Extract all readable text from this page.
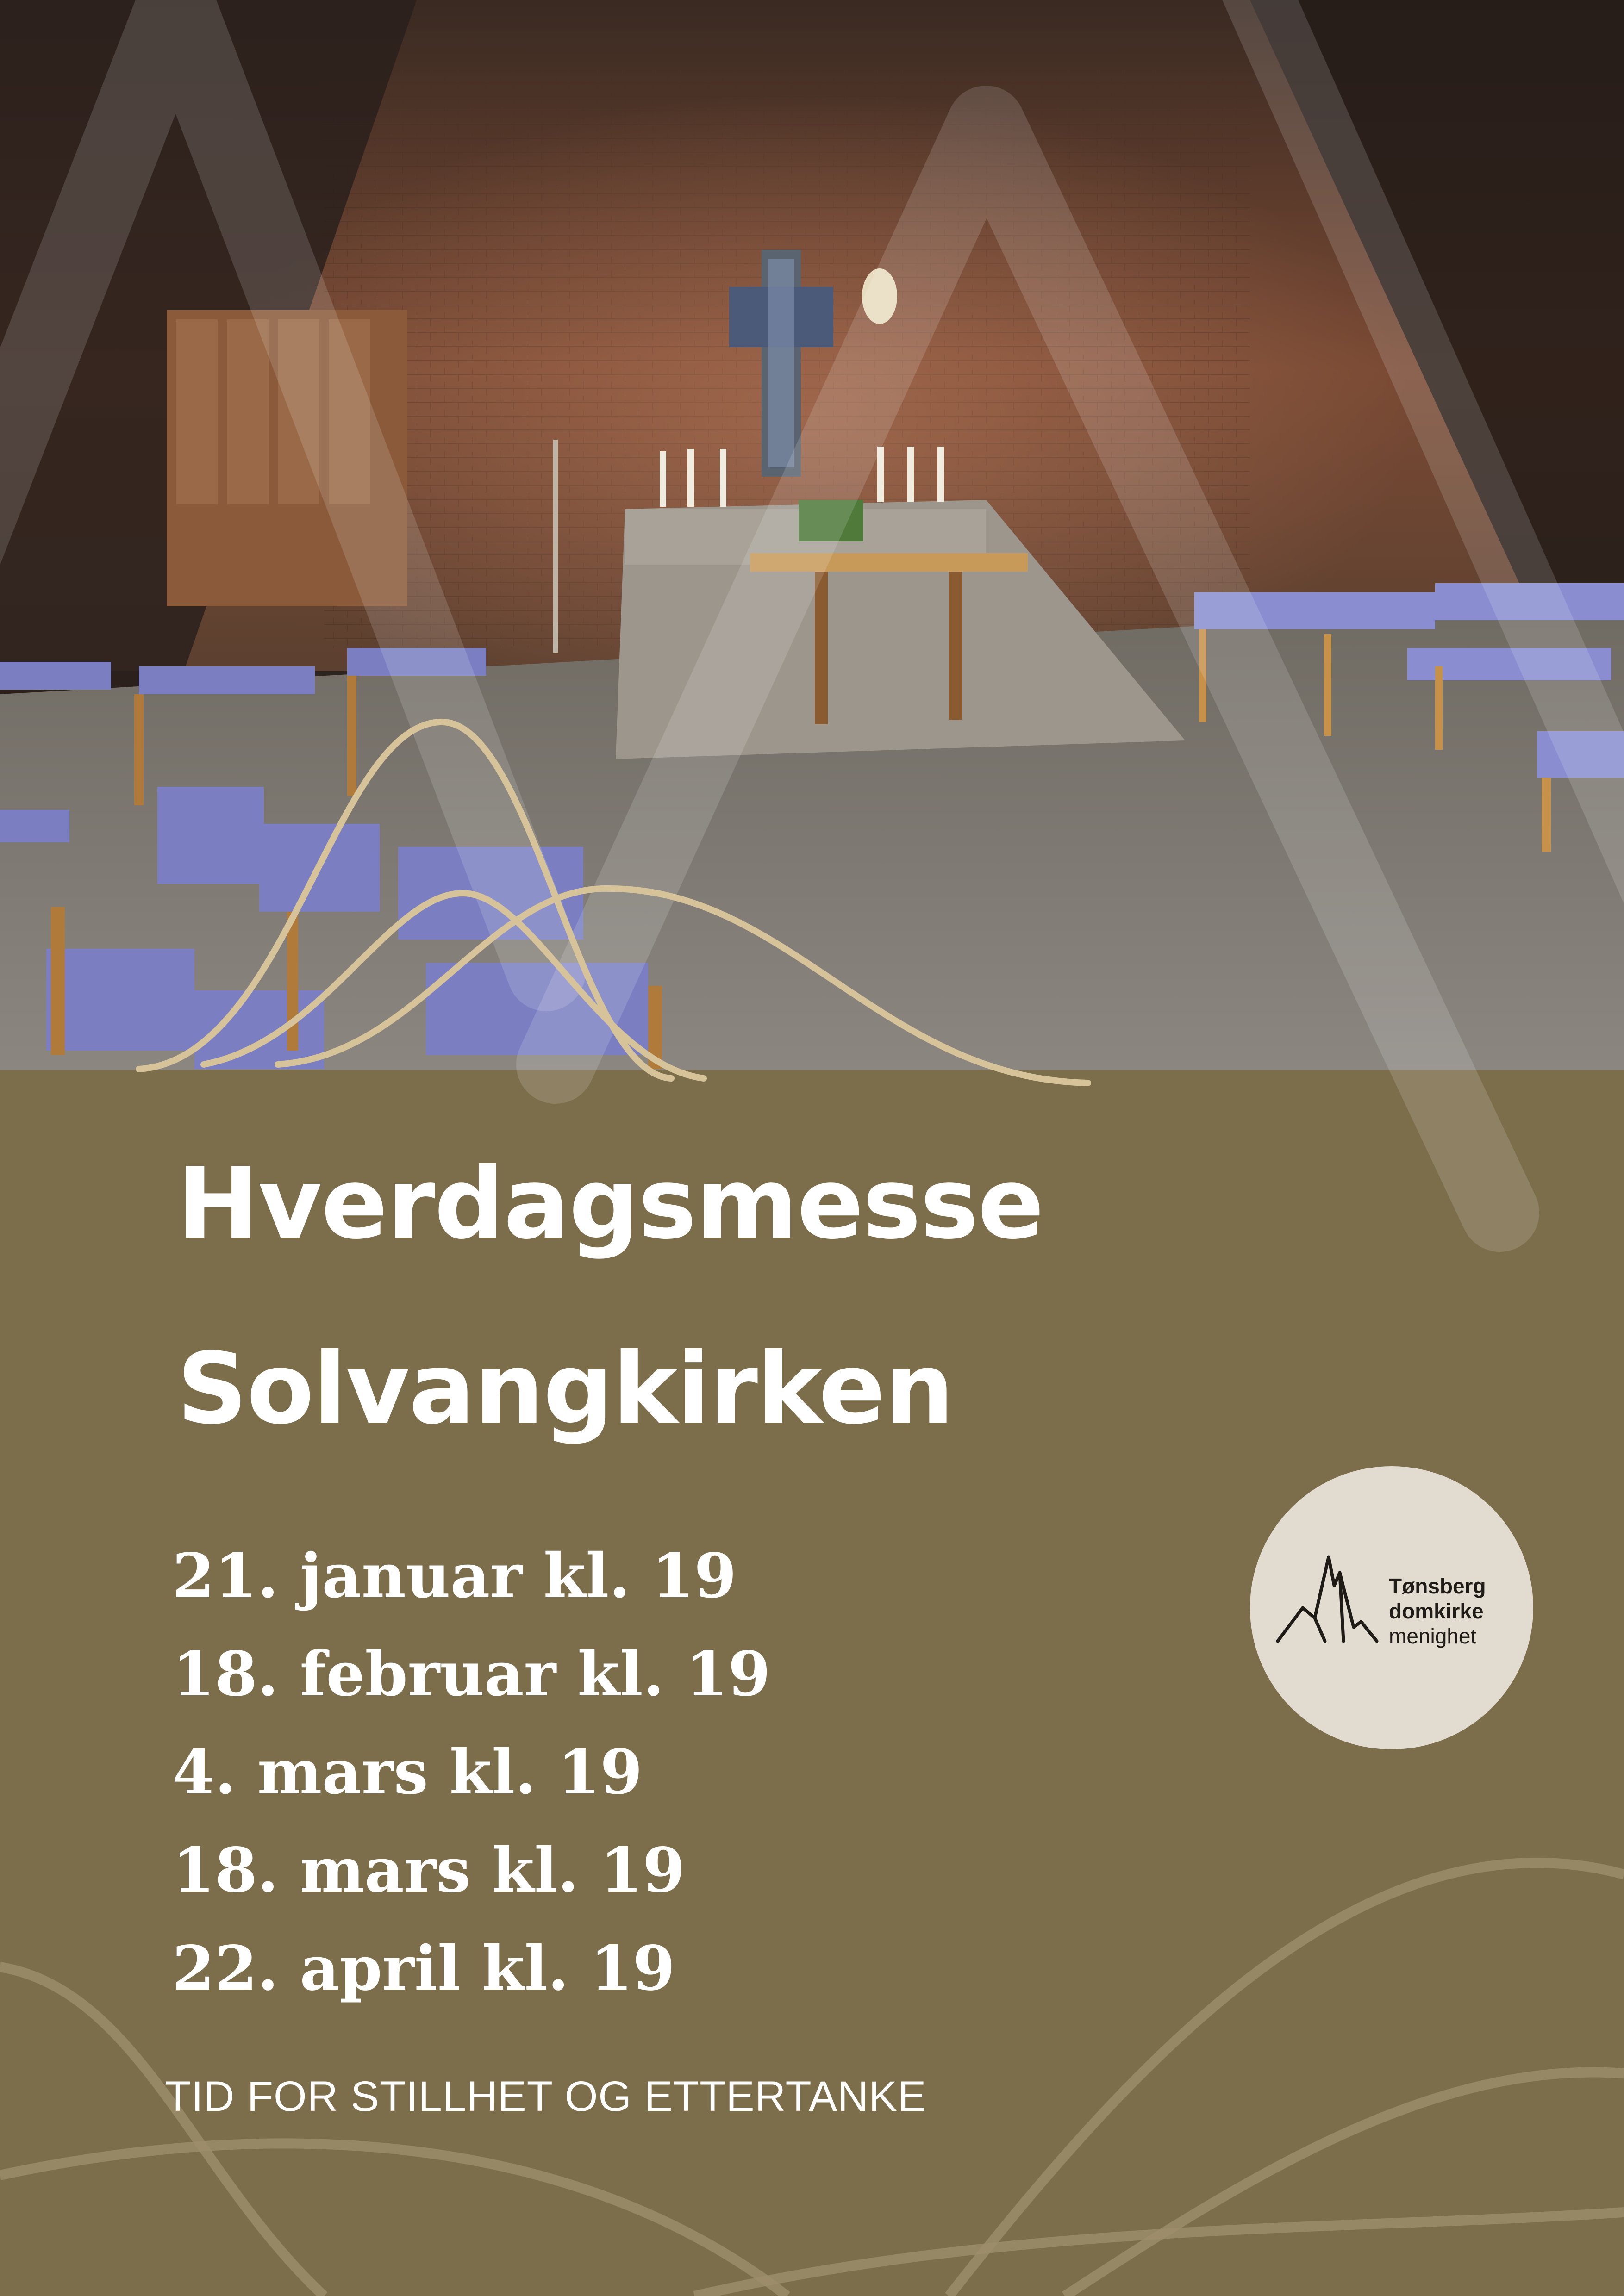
Hverdagsmesse
Solvangkirken
21. januar kl. 19
18. februar kl. 19
4. mars kl. 19
18. mars kl. 19
22. april kl. 19
TID FOR STILLHET OG ETTERTANKE
Tønsberg
domkirke
menighet
